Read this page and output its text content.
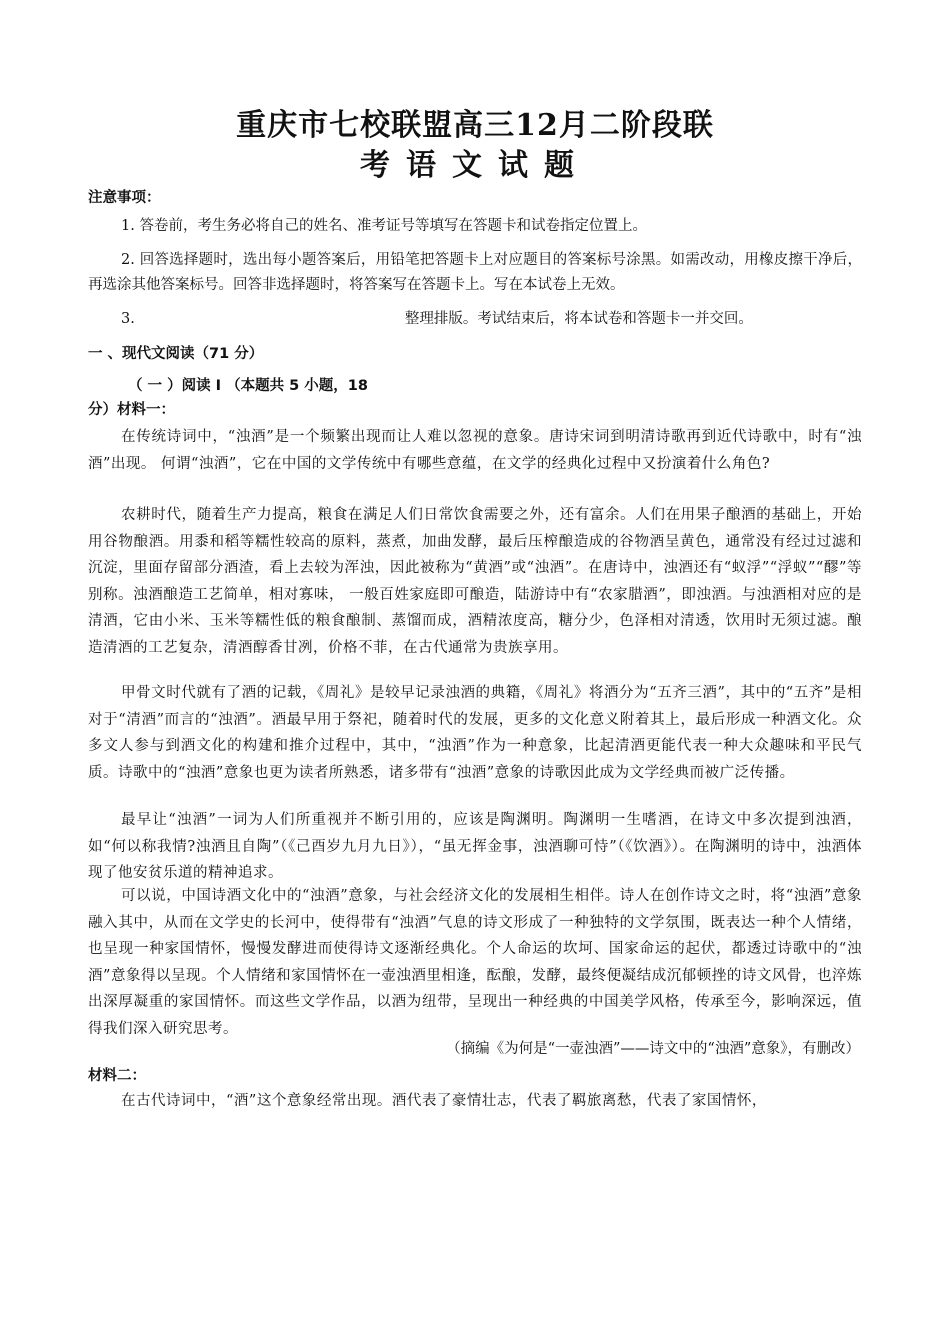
重庆市七校联盟高三12月二阶段联
考语文试题
注意事项：
1. 答卷前，考生务必将自己的姓名、准考证号等填写在答题卡和试卷指定位置上。
2. 回答选择题时，选出每小题答案后，用铅笔把答题卡上对应题目的答案标号涂黑。如需改动，用橡皮擦干净后，再选涂其他答案标号。回答非选择题时，将答案写在答题卡上。写在本试卷上无效。
3.	整理排版。考试结束后，将本试卷和答题卡一并交回。
一 、现代文阅读（71 分）
（ 一 ）阅读 I （本题共 5 小题，18
分）材料一：
在传统诗词中，“浊酒”是一个频繁出现而让人难以忽视的意象。唐诗宋词到明清诗歌再到近代诗歌中，时有“浊酒”出现。 何谓“浊酒”，它在中国的文学传统中有哪些意蕴，在文学的经典化过程中又扮演着什么角色?
农耕时代，随着生产力提高，粮食在满足人们日常饮食需要之外，还有富余。人们在用果子酿酒的基础上，开始用谷物酿酒。用黍和稻等糯性较高的原料，蒸煮，加曲发酵，最后压榨酿造成的谷物酒呈黄色，通常没有经过过滤和沉淀，里面存留部分酒渣，看上去较为浑浊，因此被称为“黄酒”或“浊酒”。在唐诗中，浊酒还有“蚁浮”“浮蚁”“醪”等别称。浊酒酿造工艺简单，相对寡味， 一般百姓家庭即可酿造，陆游诗中有“农家腊酒”，即浊酒。与浊酒相对应的是清酒，它由小米、玉米等糯性低的粮食酿制、蒸馏而成，酒精浓度高，糖分少，色泽相对清透，饮用时无须过滤。酿造清酒的工艺复杂，清酒醇香甘冽，价格不菲，在古代通常为贵族享用。
甲骨文时代就有了酒的记载，《周礼》是较早记录浊酒的典籍，《周礼》将酒分为“五齐三酒”，其中的“五齐”是相对于“清酒”而言的“浊酒”。酒最早用于祭祀，随着时代的发展，更多的文化意义附着其上，最后形成一种酒文化。众多文人参与到酒文化的构建和推介过程中，其中，“浊酒”作为一种意象，比起清酒更能代表一种大众趣味和平民气质。诗歌中的“浊酒”意象也更为读者所熟悉，诸多带有“浊酒”意象的诗歌因此成为文学经典而被广泛传播。
最早让“浊酒”一词为人们所重视并不断引用的，应该是陶渊明。陶渊明一生嗜酒，在诗文中多次提到浊酒，如“何以称我情?浊酒且自陶”（《己酉岁九月九日》），“虽无挥金事，浊酒聊可恃”（《饮酒》）。在陶渊明的诗中，浊酒体现了他安贫乐道的精神追求。
可以说，中国诗酒文化中的“浊酒”意象，与社会经济文化的发展相生相伴。诗人在创作诗文之时，将“浊酒”意象融入其中，从而在文学史的长河中，使得带有“浊酒”气息的诗文形成了一种独特的文学氛围，既表达一种个人情绪，也呈现一种家国情怀，慢慢发酵进而使得诗文逐渐经典化。个人命运的坎坷、国家命运的起伏，都透过诗歌中的“浊酒”意象得以呈现。个人情绪和家国情怀在一壶浊酒里相逢，酝酿，发酵，最终便凝结成沉郁顿挫的诗文风骨，也淬炼出深厚凝重的家国情怀。而这些文学作品，以酒为纽带，呈现出一种经典的中国美学风格，传承至今，影响深远，值得我们深入研究思考。
（摘编《为何是“一壶浊酒”——诗文中的“浊酒”意象》，有删改）
材料二：
在古代诗词中，“酒”这个意象经常出现。酒代表了豪情壮志，代表了羁旅离愁，代表了家国情怀，
